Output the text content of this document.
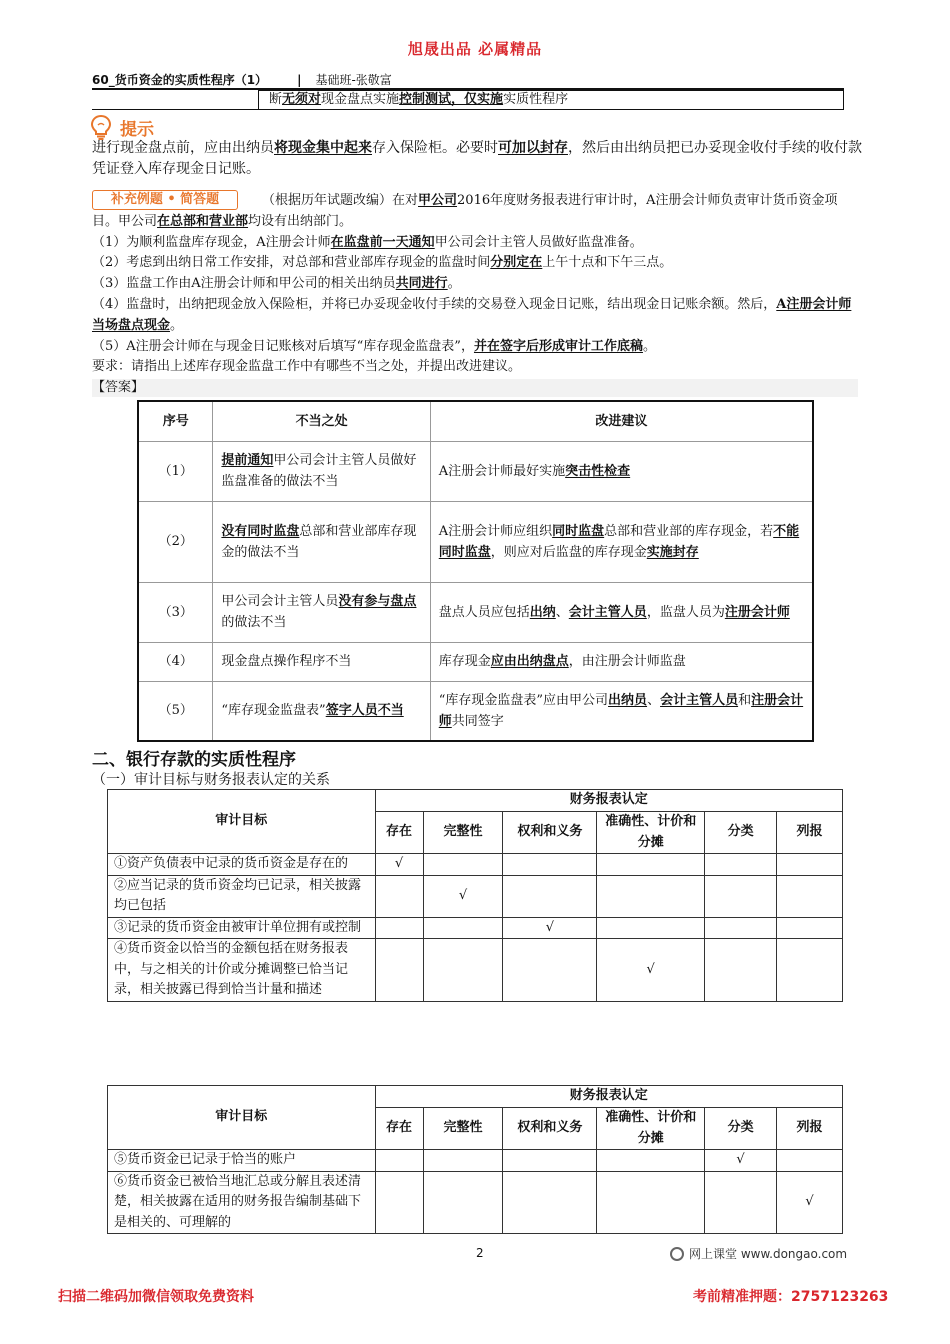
旭晟出品 必属精品
60_货币资金的实质性程序（1）	| 基础班-张敬富
断无须对现金盘点实施控制测试，仅实施实质性程序
提示
进行现金盘点前，应由出纳员将现金集中起来存入保险柜。必要时可加以封存，然后由出纳员把已办妥现金收付手续的收付款凭证登入库存现金日记账。
（根据历年试题改编）在对甲公司2016年度财务报表进行审计时，A注册会计师负责审计货币资金项目。甲公司在总部和营业部均设有出纳部门。
（1）为顺利监盘库存现金，A注册会计师在监盘前一天通知甲公司会计主管人员做好监盘准备。
（2）考虑到出纳日常工作安排，对总部和营业部库存现金的监盘时间分别定在上午十点和下午三点。
（3）监盘工作由A注册会计师和甲公司的相关出纳员共同进行。
（4）监盘时，出纳把现金放入保险柜，并将已办妥现金收付手续的交易登入现金日记账，结出现金日记账余额。然后，A注册会计师当场盘点现金。
（5）A注册会计师在与现金日记账核对后填写“库存现金监盘表”，并在签字后形成审计工作底稿。
要求：请指出上述库存现金监盘工作中有哪些不当之处，并提出改进建议。
补充例题 • 简答题
【答案】
序号	不当之处	改进建议
（1）	提前通知甲公司会计主管人员做好监盘准备的做法不当	A注册会计师最好实施突击性检查
（2）	没有同时监盘总部和营业部库存现金的做法不当	A注册会计师应组织同时监盘总部和营业部的库存现金，若不能同时监盘，则应对后监盘的库存现金实施封存
（3）	甲公司会计主管人员没有参与盘点的做法不当	盘点人员应包括出纳、会计主管人员，监盘人员为注册会计师
（4）	现金盘点操作程序不当	库存现金应由出纳盘点，由注册会计师监盘
（5）	“库存现金监盘表”签字人员不当	“库存现金监盘表”应由甲公司出纳员、会计主管人员和注册会计师共同签字
二、银行存款的实质性程序
（一）审计目标与财务报表认定的关系
审计目标	财务报表认定					
	存在	完整性	权利和义务	准确性、计价和分摊	分类	列报
①资产负债表中记录的货币资金是存在的	√					
②应当记录的货币资金均已记录，相关披露均已包括		√				
③记录的货币资金由被审计单位拥有或控制			√			
④货币资金以恰当的金额包括在财务报表中，与之相关的计价或分摊调整已恰当记录，相关披露已得到恰当计量和描述				√		
审计目标	财务报表认定					
	存在	完整性	权利和义务	准确性、计价和分摊	分类	列报
⑤货币资金已记录于恰当的账户					√	
⑥货币资金已被恰当地汇总或分解且表述清楚，相关披露在适用的财务报告编制基础下是相关的、可理解的						√
2	网上课堂 www.dongao.com
扫描二维码加微信领取免费资料	考前精准押题：2757123263
